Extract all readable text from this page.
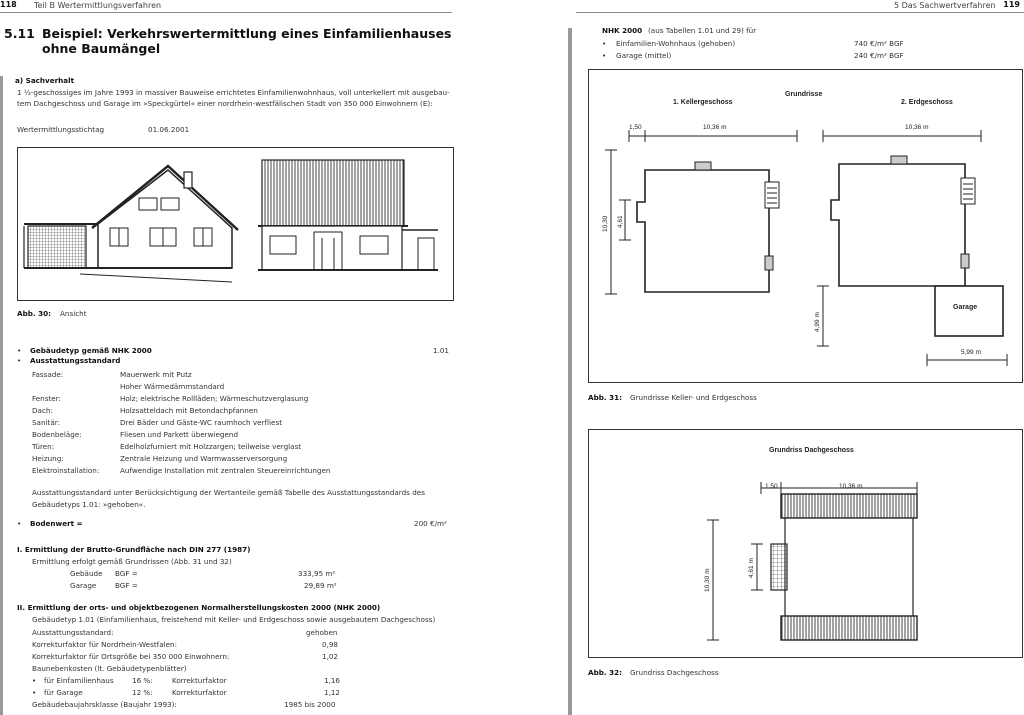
118 Teil B Wertermittlungsverfahren
5.11 Beispiel: Verkehrswertermittlung eines Einfamilienhauses
ohne Baumängel
a) Sachverhalt
1 ½-geschossiges im Jahre 1993 in massiver Bauweise errichtetes Einfamilienwohnhaus, voll unterkellert mit ausgebau-
tem Dachgeschoss und Garage im »Speckgürtel« einer nordrhein-westfälischen Stadt von 350 000 Einwohnern (E):
Wertermittlungsstichtag	01.06.2001
Abb. 30: Ansicht
• Gebäudetyp gemäß NHK 2000	1.01
• Ausstattungsstandard
Fassade:	Mauerwerk mit Putz
Hoher Wärmedämmstandard
Fenster:	Holz; elektrische Rollläden; Wärmeschutzverglasung
Dach:	Holzsatteldach mit Betondachpfannen
Sanitär:	Drei Bäder und Gäste-WC raumhoch verfliest
Bodenbeläge:	Fliesen und Parkett überwiegend
Türen:	Edelholzfurniert mit Holzzargen; teilweise verglast
Heizung:	Zentrale Heizung und Warmwasserversorgung
Elektroinstallation:	Aufwendige Installation mit zentralen Steuereinrichtungen
Ausstattungsstandard unter Berücksichtigung der Wertanteile gemäß Tabelle des Ausstattungsstandards des
Gebäudetyps 1.01: »gehoben«.
• Bodenwert =	200 €/m²
I. Ermittlung der Brutto-Grundfläche nach DIN 277 (1987)
Ermittlung erfolgt gemäß Grundrissen (Abb. 31 und 32)
Gebäude BGF =	333,95 m²
Garage	BGF =	29,89 m²
II. Ermittlung der orts- und objektbezogenen Normalherstellungskosten 2000 (NHK 2000)
Gebäudetyp 1.01 (Einfamilienhaus, freistehend mit Keller- und Erdgeschoss sowie ausgebautem Dachgeschoss)
Ausstattungsstandard:	gehoben
Korrekturfaktor für Nordrhein-Westfalen:	0,98
Korrekturfaktor für Ortsgröße bei 350 000 Einwohnern:	1,02
Baunebenkosten (lt. Gebäudetypenblätter)
• für Einfamilienhaus	16 %:	Korrekturfaktor	1,16
• für Garage	12 %:	Korrekturfaktor	1,12
Gebäudebaujahrsklasse (Baujahr 1993):	1985 bis 2000
5 Das Sachwertverfahren 119
NHK 2000 (aus Tabellen 1.01 und 29) für
• Einfamilien-Wohnhaus (gehoben)	740 €/m² BGF
• Garage (mittel)	240 €/m² BGF
Grundrisse
1. Kellergeschoss	2. Erdgeschoss
1,50	10,36 m	10,36 m
10,30 4,61
4,99 m
Garage
5,99 m
Abb. 31: Grundrisse Keller- und Erdgeschoss
Grundriss Dachgeschoss
1,50	10,36 m
10,30 m
4,61 m
Abb. 32: Grundriss Dachgeschoss
